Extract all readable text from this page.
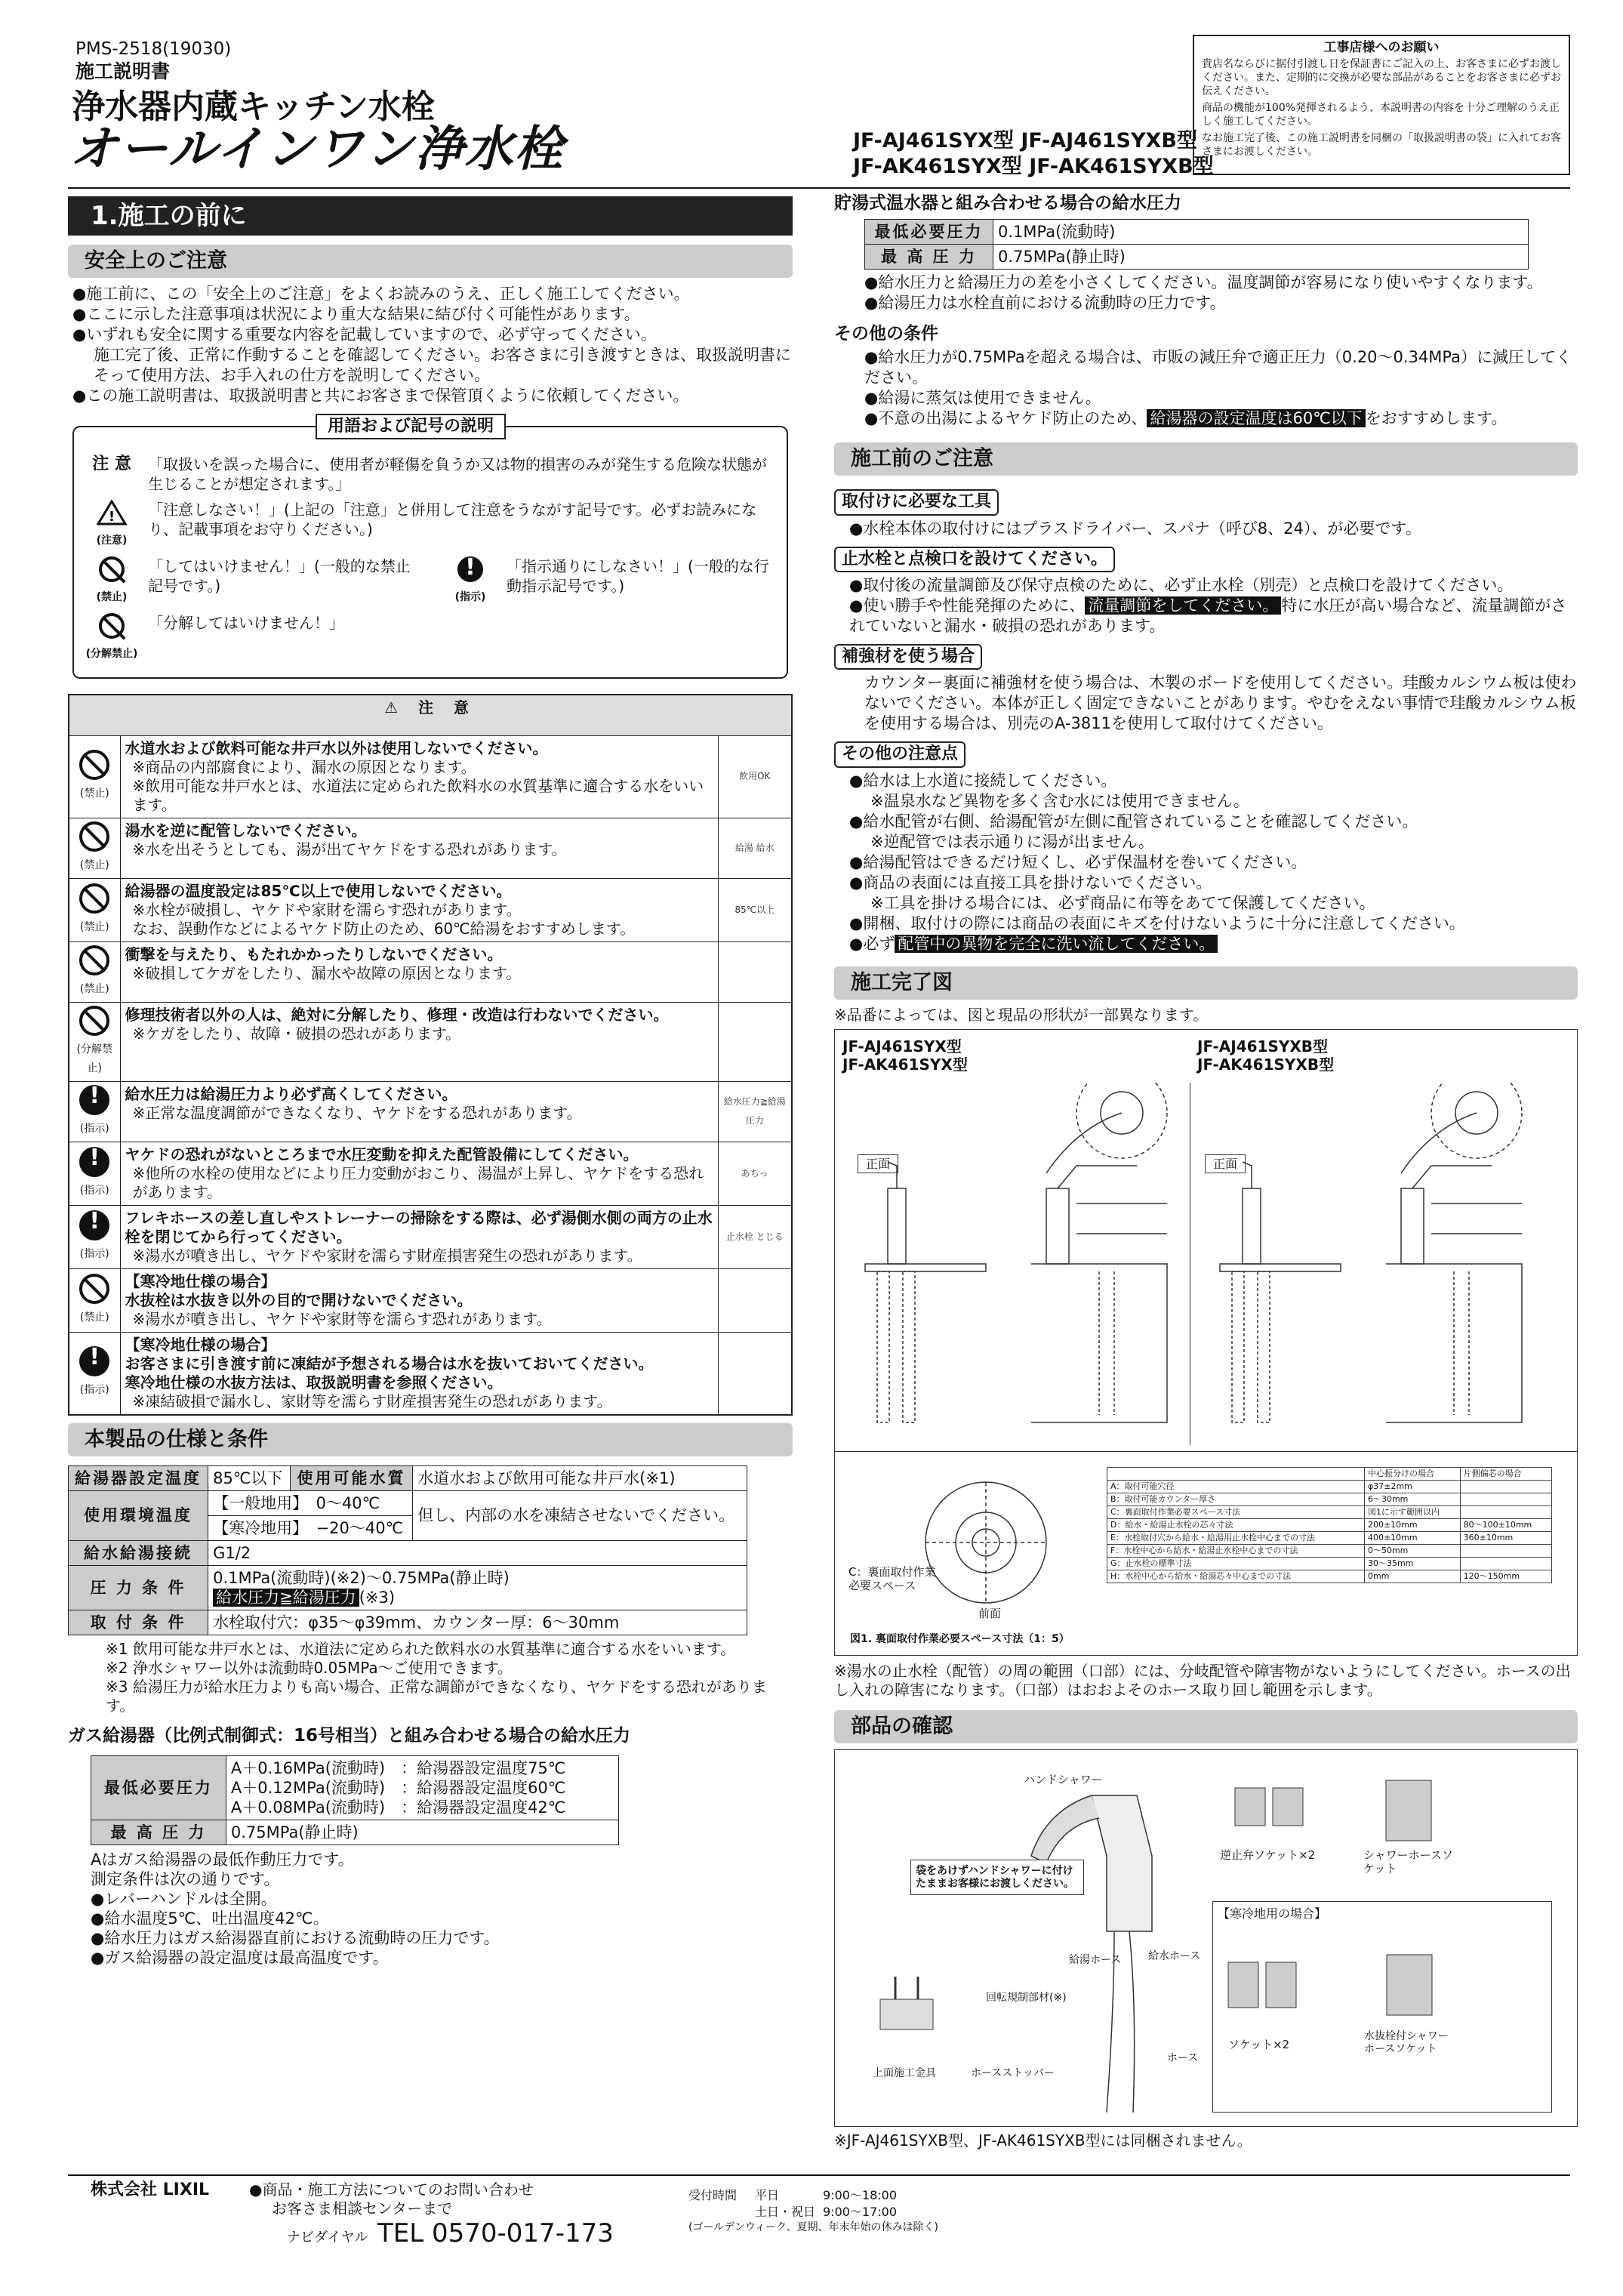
PMS-2518(19030)
施工説明書
浄水器内蔵キッチン水栓
オールインワン浄水栓	JF-AJ461SYX型 JF-AJ461SYXB型
JF-AK461SYX型 JF-AK461SYXB型
工事店様へのお願い

貴店名ならびに据付引渡し日を保証書にご記入の上、お客さまに必ずお渡しください。また、定期的に交換が必要な部品があることをお客さまに必ずお伝えください。

商品の機能が100%発揮されるよう、本説明書の内容を十分ご理解のうえ正しく施工してください。

なお施工完了後、この施工説明書を同梱の「取扱説明書の袋」に入れてお客さまにお渡しください。

1.施工の前に
安全上のご注意
●施工前に、この「安全上のご注意」をよくお読みのうえ、正しく施工してください。
●ここに示した注意事項は状況により重大な結果に結び付く可能性があります。
●いずれも安全に関する重要な内容を記載していますので、必ず守ってください。
施工完了後、正常に作動することを確認してください。お客さまに引き渡すときは、取扱説明書にそって使用方法、お手入れの仕方を説明してください。
●この施工説明書は、取扱説明書と共にお客さまで保管頂くように依頼してください。
用語および記号の説明
注 意	「取扱いを誤った場合に、使用者が軽傷を負うか又は物的損害のみが発生する危険な状態が生じることが想定されます。」
!
(注意)
「注意しなさい！」(上記の「注意」と併用して注意をうながす記号です。必ずお読みになり、記載事項をお守りください。)
(禁止)
「してはいけません！」(一般的な禁止記号です。)
(分解禁止)
「分解してはいけません！」
!
(指示)
「指示通りにしなさい！」(一般的な行動指示記号です。)
⚠ 注 意		

(禁止)	水道水および飲料可能な井戸水以外は使用しないでください。
※商品の内部腐食により、漏水の原因となります。
※飲用可能な井戸水とは、水道法に定められた飲料水の水質基準に適合する水をいいます。	飲用OK

(禁止)	湯水を逆に配管しないでください。
※水を出そうとしても、湯が出てヤケドをする恐れがあります。	給湯 給水

(禁止)	給湯器の温度設定は85℃以上で使用しないでください。
※水栓が破損し、ヤケドや家財を濡らす恐れがあります。
なお、誤動作などによるヤケド防止のため、60℃給湯をおすすめします。	85℃以上

(禁止)	衝撃を与えたり、もたれかかったりしないでください。
※破損してケガをしたり、漏水や故障の原因となります。	

(分解禁止)	修理技術者以外の人は、絶対に分解したり、修理・改造は行わないでください。
※ケガをしたり、故障・破損の恐れがあります。	

!
(指示)	給水圧力は給湯圧力より必ず高くしてください。
※正常な温度調節ができなくなり、ヤケドをする恐れがあります。	給水圧力≧給湯圧力
!
(指示)	ヤケドの恐れがないところまで水圧変動を抑えた配管設備にしてください。
※他所の水栓の使用などにより圧力変動がおこり、湯温が上昇し、ヤケドをする恐れがあります。	あちっ
!
(指示)	フレキホースの差し直しやストレーナーの掃除をする際は、必ず湯側水側の両方の止水栓を閉じてから行ってください。
※湯水が噴き出し、ヤケドや家財を濡らす財産損害発生の恐れがあります。	止水栓 とじる

(禁止)	【寒冷地仕様の場合】
水抜栓は水抜き以外の目的で開けないでください。
※湯水が噴き出し、ヤケドや家財等を濡らす恐れがあります。	

!
(指示)	【寒冷地仕様の場合】
お客さまに引き渡す前に凍結が予想される場合は水を抜いておいてください。
寒冷地仕様の水抜方法は、取扱説明書を参照ください。
※凍結破損で漏水し、家財等を濡らす財産損害発生の恐れがあります。	

本製品の仕様と条件
給湯器設定温度	85℃以下	使用可能水質	水道水および飲用可能な井戸水(※1)
使用環境温度	【一般地用】　0～40℃		但し、内部の水を凍結させないでください。
	【寒冷地用】　−20～40℃		
給水給湯接続	G1/2		
圧 力 条 件	0.1MPa(流動時)(※2)～0.75MPa(静止時)
給水圧力≧給湯圧力 (※3)		
取 付 条 件	水栓取付穴：φ35～φ39mm、カウンター厚：6～30mm		
※1 飲用可能な井戸水とは、水道法に定められた飲料水の水質基準に適合する水をいいます。
※2 浄水シャワー以外は流動時0.05MPa～ご使用できます。
※3 給湯圧力が給水圧力よりも高い場合、正常な調節ができなくなり、ヤケドをする恐れがあります。
ガス給湯器（比例式制御式：16号相当）と組み合わせる場合の給水圧力
最低必要圧力	A＋0.16MPa(流動時)　：給湯器設定温度75℃
A＋0.12MPa(流動時)　：給湯器設定温度60℃
A＋0.08MPa(流動時)　：給湯器設定温度42℃
最 高 圧 力	0.75MPa(静止時)
Aはガス給湯器の最低作動圧力です。
測定条件は次の通りです。
●レバーハンドルは全開。
●給水温度5℃、吐出温度42℃。
●給水圧力はガス給湯器直前における流動時の圧力です。
●ガス給湯器の設定温度は最高温度です。
貯湯式温水器と組み合わせる場合の給水圧力
最低必要圧力	0.1MPa(流動時)
最 高 圧 力	0.75MPa(静止時)
●給水圧力と給湯圧力の差を小さくしてください。温度調節が容易になり使いやすくなります。
●給湯圧力は水栓直前における流動時の圧力です。
その他の条件
●給水圧力が0.75MPaを超える場合は、市販の減圧弁で適正圧力（0.20～0.34MPa）に減圧してください。
●給湯に蒸気は使用できません。
●不意の出湯によるヤケド防止のため、 給湯器の設定温度は60℃以下 をおすすめします。
施工前のご注意
取付けに必要な工具
●水栓本体の取付けにはプラスドライバー、スパナ（呼び8、24）、が必要です。
止水栓と点検口を設けてください。
●取付後の流量調節及び保守点検のために、必ず止水栓（別売）と点検口を設けてください。
●使い勝手や性能発揮のために、 流量調節をしてください。 特に水圧が高い場合など、流量調節がされていないと漏水・破損の恐れがあります。
補強材を使う場合
カウンター裏面に補強材を使う場合は、木製のボードを使用してください。珪酸カルシウム板は使わないでください。本体が正しく固定できないことがあります。やむをえない事情で珪酸カルシウム板を使用する場合は、別売のA-3811を使用して取付けてください。
その他の注意点
●給水は上水道に接続してください。
※温泉水など異物を多く含む水には使用できません。
●給水配管が右側、給湯配管が左側に配管されていることを確認してください。
※逆配管では表示通りに湯が出ません。
●給湯配管はできるだけ短くし、必ず保温材を巻いてください。
●商品の表面には直接工具を掛けないでください。
※工具を掛ける場合には、必ず商品に布等をあてて保護してください。
●開梱、取付けの際には商品の表面にキズを付けないように十分に注意してください。
●必ず 配管中の異物を完全に洗い流してください。
施工完了図
※品番によっては、図と現品の形状が一部異なります。
JF-AJ461SYX型
JF-AK461SYX型
JF-AJ461SYXB型
JF-AK461SYXB型
正面	正面
C：裏面取付作業必要スペース
前面
図1. 裏面取付作業必要スペース寸法（1：5）
	中心振分けの場合	片側偏芯の場合
A：取付可能穴径	φ37±2mm	
B：取付可能カウンター厚さ	6～30mm	
C：裏面取付作業必要スペース寸法	図1に示す範囲以内	
D：給水・給湯止水栓の芯々寸法	200±10mm	80～100±10mm
E：水栓取付穴から給水・給湯用止水栓中心までの寸法	400±10mm	360±10mm
F：水栓中心から給水・給湯止水栓中心までの寸法	0～50mm	
G：止水栓の標準寸法	30～35mm	
H：水栓中心から給水・給湯芯々中心までの寸法	0mm	120～150mm
※湯水の止水栓（配管）の周の範囲（口部）には、分岐配管や障害物がないようにしてください。ホースの出し入れの障害になります。（口部）はおおよそのホース取り回し範囲を示します。
部品の確認
ハンドシャワー
袋をあけずハンドシャワーに付けたままお客様にお渡しください。
給湯ホース	給水ホース
ホース
回転規制部材(※)
上面施工金具	ホースストッパー
逆止弁ソケット×2	シャワーホースソケット
【寒冷地用の場合】
ソケット×2
水抜栓付シャワーホースソケット
※JF-AJ461SYXB型、JF-AK461SYXB型には同梱されません。
株式会社 LIXIL	●商品・施工方法についてのお問い合わせ
お客さま相談センターまで
ナビダイヤル TEL 0570-017-173
受付時間 平日	9:00～18:00
土日・祝日 9:00～17:00
(ゴールデンウィーク、夏期、年末年始の休みは除く)
